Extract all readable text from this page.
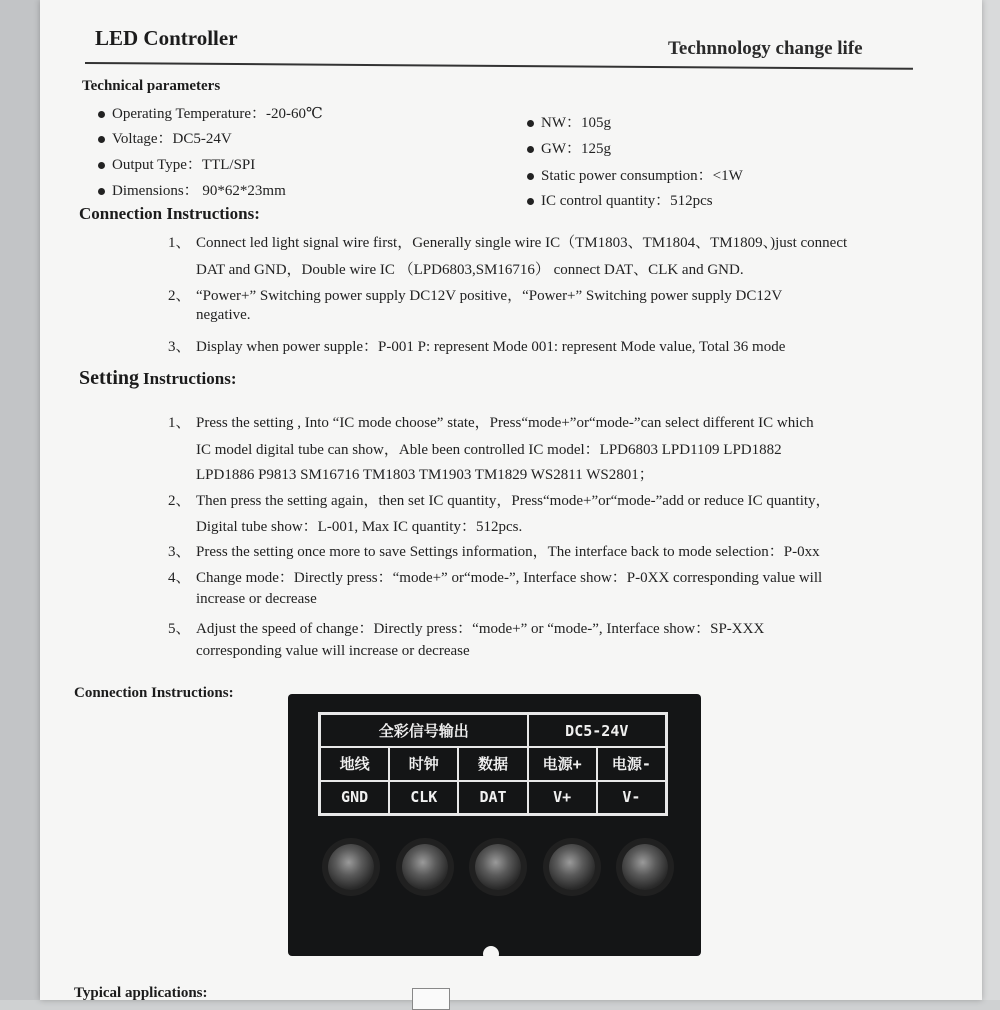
LED Controller	Technnology change life
Technical parameters
Operating Temperature：-20-60℃
Voltage：DC5-24V
Output Type：TTL/SPI
Dimensions： 90*62*23mm
NW：105g
GW：125g
Static power consumption：<1W
IC control quantity：512pcs
Connection Instructions:
1、 Connect led light signal wire first，Generally single wire IC（TM1803、TM1804、TM1809、)just connect
DAT and GND，Double wire IC （LPD6803,SM16716） connect DAT、CLK and GND.
2、 “Power+” Switching power supply DC12V positive，“Power+” Switching power supply DC12V
negative.
3、 Display when power supple：P-001 P: represent Mode 001: represent Mode value, Total 36 mode
Setting Instructions:
1、 Press the setting , Into “IC mode choose” state，Press“mode+”or“mode-”can select different IC which
IC model digital tube can show，Able been controlled IC model：LPD6803 LPD1109 LPD1882
LPD1886 P9813 SM16716 TM1803 TM1903 TM1829 WS2811 WS2801；
2、 Then press the setting again，then set IC quantity，Press“mode+”or“mode-”add or reduce IC quantity，
Digital tube show：L-001, Max IC quantity：512pcs.
3、 Press the setting once more to save Settings information，The interface back to mode selection：P-0xx
4、 Change mode：Directly press：“mode+” or“mode-”, Interface show：P-0XX corresponding value will
increase or decrease
5、 Adjust the speed of change：Directly press：“mode+” or “mode-”, Interface show：SP-XXX
corresponding value will increase or decrease
Connection Instructions:
全彩信号输出	DC5-24V
地线	时钟	数据	电源+	电源-
GND	CLK	DAT	V+	V-
Typical applications:
